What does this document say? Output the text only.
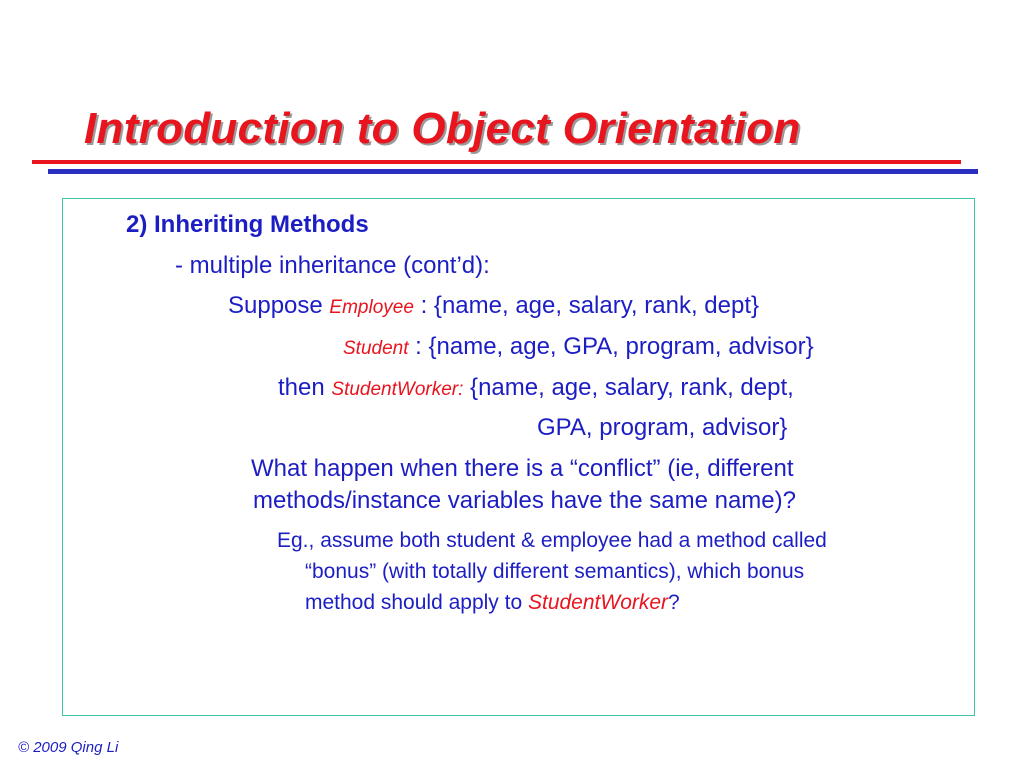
Introduction to Object Orientation
2) Inheriting Methods
- multiple inheritance (cont’d):
Suppose Employee : {name, age, salary, rank, dept}
Student : {name, age, GPA, program, advisor}
then StudentWorker: {name, age, salary, rank, dept,
GPA, program, advisor}
What happen when there is a “conflict” (ie, different
methods/instance variables have the same name)?
Eg., assume both student & employee had a method called
“bonus” (with totally different semantics), which bonus
method should apply to StudentWorker?
© 2009 Qing Li
